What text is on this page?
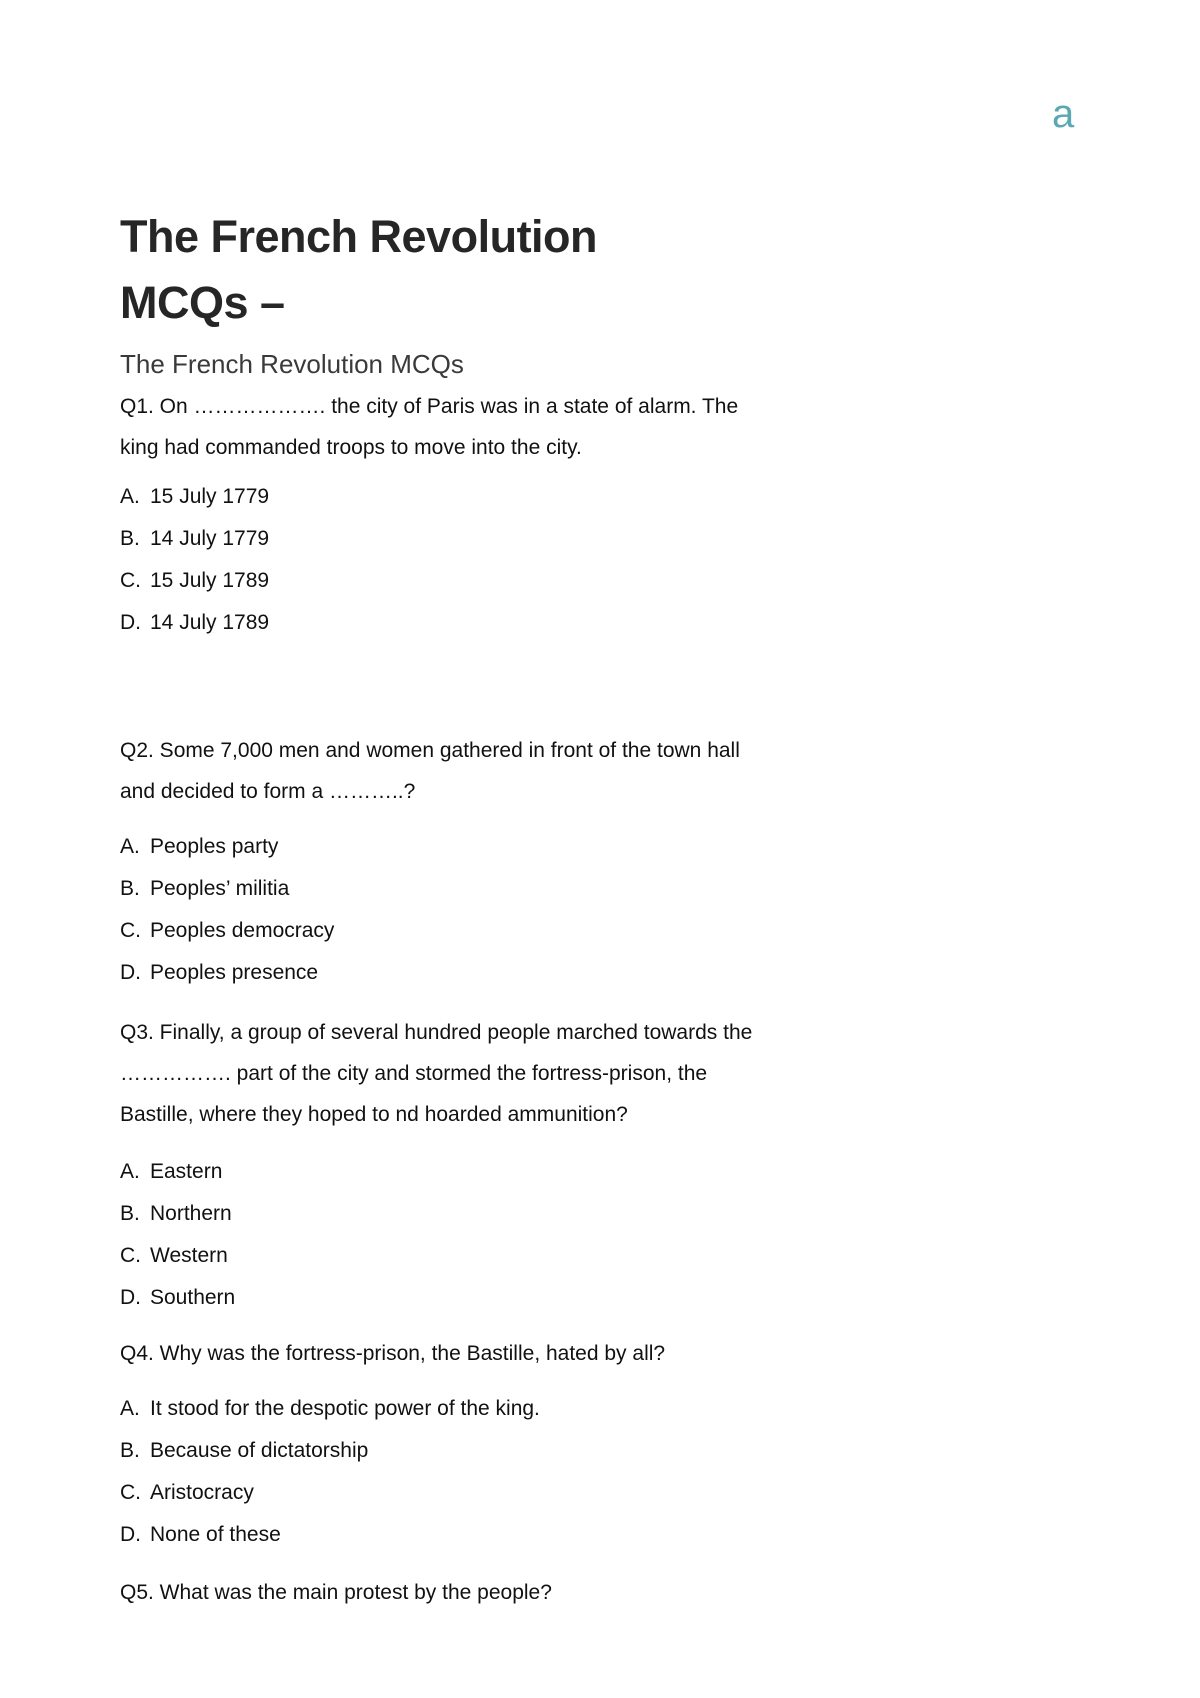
a
The French Revolution
MCQs –
The French Revolution MCQs

Q1. On ………………. the city of Paris was in a state of alarm. The king had commanded troops to move into the city.

A. 15 July 1779
B. 14 July 1779
C. 15 July 1789
D. 14 July 1789

Q2. Some 7,000 men and women gathered in front of the town hall and decided to form a ………..?

A. Peoples party
B. Peoples’ militia
C. Peoples democracy
D. Peoples presence

Q3. Finally, a group of several hundred people marched towards the ……………. part of the city and stormed the fortress-prison, the Bastille, where they hoped to nd hoarded ammunition?

A. Eastern
B. Northern
C. Western
D. Southern

Q4. Why was the fortress-prison, the Bastille, hated by all?

A. It stood for the despotic power of the king.
B. Because of dictatorship
C. Aristocracy
D. None of these

Q5. What was the main protest by the people?
